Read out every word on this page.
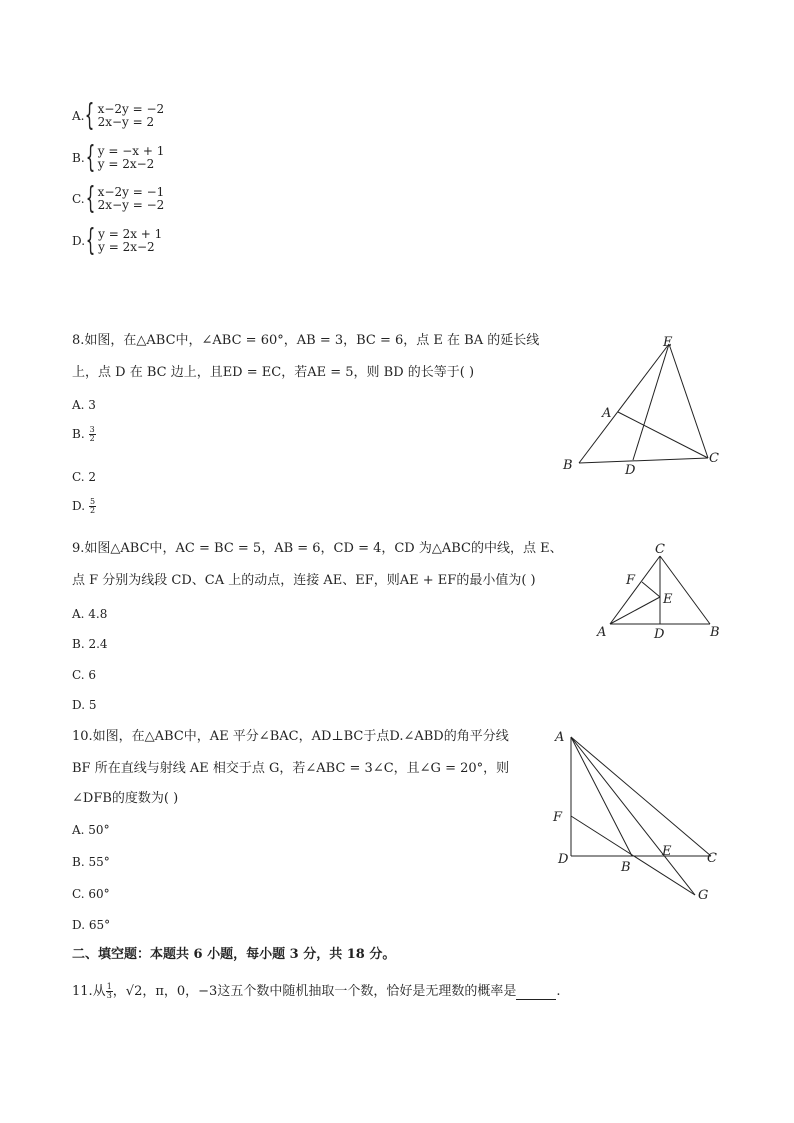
A. { x−2y = −2
2x−y = 2
B. { y = −x + 1
y = 2x−2
C. { x−2y = −1
2x−y = −2
D. { y = 2x + 1
y = 2x−2
8.如图，在△ABC中，∠ABC = 60°，AB = 3，BC = 6，点 E 在 BA 的延长线
上，点 D 在 BC 边上，且ED = EC，若AE = 5，则 BD 的长等于( )
A. 3
B. $\frac{3}{2}$
C. 2
D. $\frac{5}{2}$
E
A
B	D
C
9.如图△ABC中，AC = BC = 5，AB = 6，CD = 4，CD 为△ABC的中线，点 E、
点 F 分别为线段 CD、CA 上的动点，连接 AE、EF，则AE + EF的最小值为( )
A. 4.8
B. 2.4
C. 6
D. 5
C
F
E
A	D	B
10.如图，在△ABC中，AE 平分∠BAC，AD⊥BC于点D.∠ABD的角平分线
BF 所在直线与射线 AE 相交于点 G，若∠ABC = 3∠C，且∠G = 20°，则
∠DFB的度数为( )
A. 50°
B. 55°
C. 60°
D. 65°
A
F
D
B
E	C
G
二、填空题：本题共 6 小题，每小题 3 分，共 18 分。
11.从 $\frac{1}{3}$ ，√2，π，0，−3这五个数中随机抽取一个数，恰好是无理数的概率是	.
